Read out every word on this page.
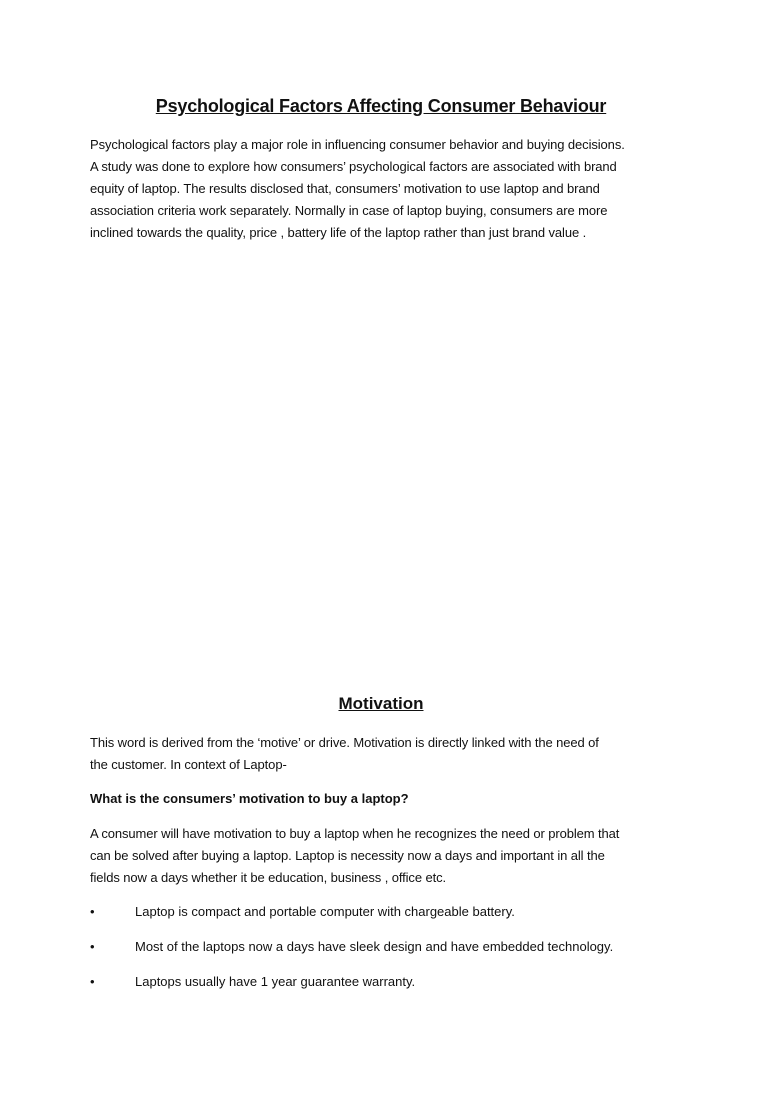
Psychological Factors Affecting Consumer Behaviour
Psychological factors play a major role in influencing consumer behavior and buying decisions.
A study was done to explore how consumers’ psychological factors are associated with brand
equity of laptop. The results disclosed that, consumers’ motivation to use laptop and brand
association criteria work separately. Normally in case of laptop buying, consumers are more
inclined towards the quality, price , battery life of the laptop rather than just brand value .
Motivation
This word is derived from the ‘motive’ or drive. Motivation is directly linked with the need of
the customer. In context of Laptop-

What is the consumers’ motivation to buy a laptop?

A consumer will have motivation to buy a laptop when he recognizes the need or problem that
can be solved after buying a laptop. Laptop is necessity now a days and important in all the
fields now a days whether it be education, business , office etc.
•	Laptop is compact and portable computer with chargeable battery.
•	Most of the laptops now a days have sleek design and have embedded technology.
•	Laptops usually have 1 year guarantee warranty.
